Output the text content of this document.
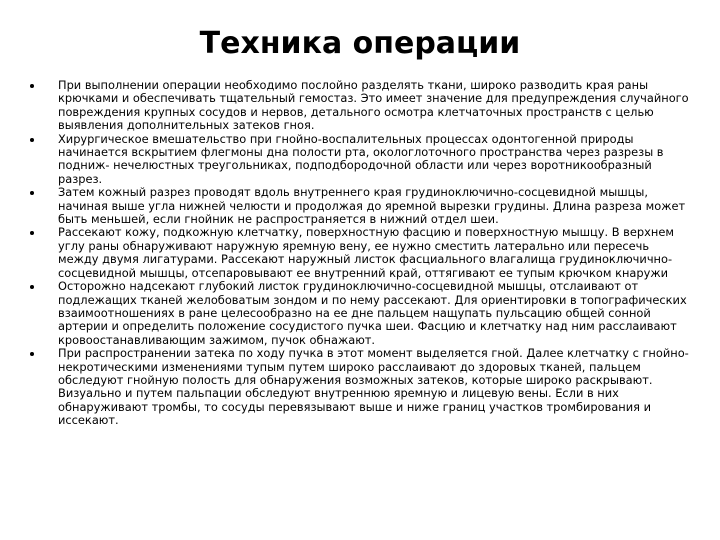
Техника операции
При выполнении операции необходимо послойно разделять ткани, широко разводить края раны крючками и обеспечивать тщательный гемостаз. Это имеет значение для предупреждения случайного повреждения крупных сосудов и нервов, детального осмотра клетчаточных пространств с целью выявления дополнительных затеков гноя.
Хирургическое вмешательство при гнойно-воспалительных процессах одонтогенной природы начинается вскрытием флегмоны дна полости рта, окологлоточного пространства через разрезы в подниж- нечелюстных треугольниках, подподбородочной области или через воротникообразный разрез.
Затем кожный разрез проводят вдоль внутреннего края грудиноключично-сосцевидной мышцы, начиная выше угла нижней челюсти и продолжая до яремной вырезки грудины. Длина разреза может быть меньшей, если гнойник не распространяется в нижний отдел шеи.
Рассекают кожу, подкожную клетчатку, поверхностную фасцию и поверхностную мышцу. В верхнем углу раны обнаруживают наружную яремную вену, ее нужно сместить латерально или пересечь между двумя лигатурами. Рассекают наружный листок фасциального влагалища грудиноключично-сосцевидной мышцы, отсепаровывают ее внутренний край, оттягивают ее тупым крючком кнаружи
Осторожно надсекают глубокий листок грудиноключично-сосцевидной мышцы, отслаивают от подлежащих тканей желобоватым зондом и по нему рассекают. Для ориентировки в топографических взаимоотношениях в ране целесообразно на ее дне пальцем нащупать пульсацию общей сонной артерии и определить положение сосудистого пучка шеи. Фасцию и клетчатку над ним расслаивают кровоостанавливающим зажимом, пучок обнажают.
При распространении затека по ходу пучка в этот момент выделяется гной. Далее клетчатку с гнойно-некротическими изменениями тупым путем широко расслаивают до здоровых тканей, пальцем обследуют гнойную полость для обнаружения возможных затеков, которые широко раскрывают. Визуально и путем пальпации обследуют внутреннюю яремную и лицевую вены. Если в них обнаруживают тромбы, то сосуды перевязывают выше и ниже границ участков тромбирования и иссекают.
